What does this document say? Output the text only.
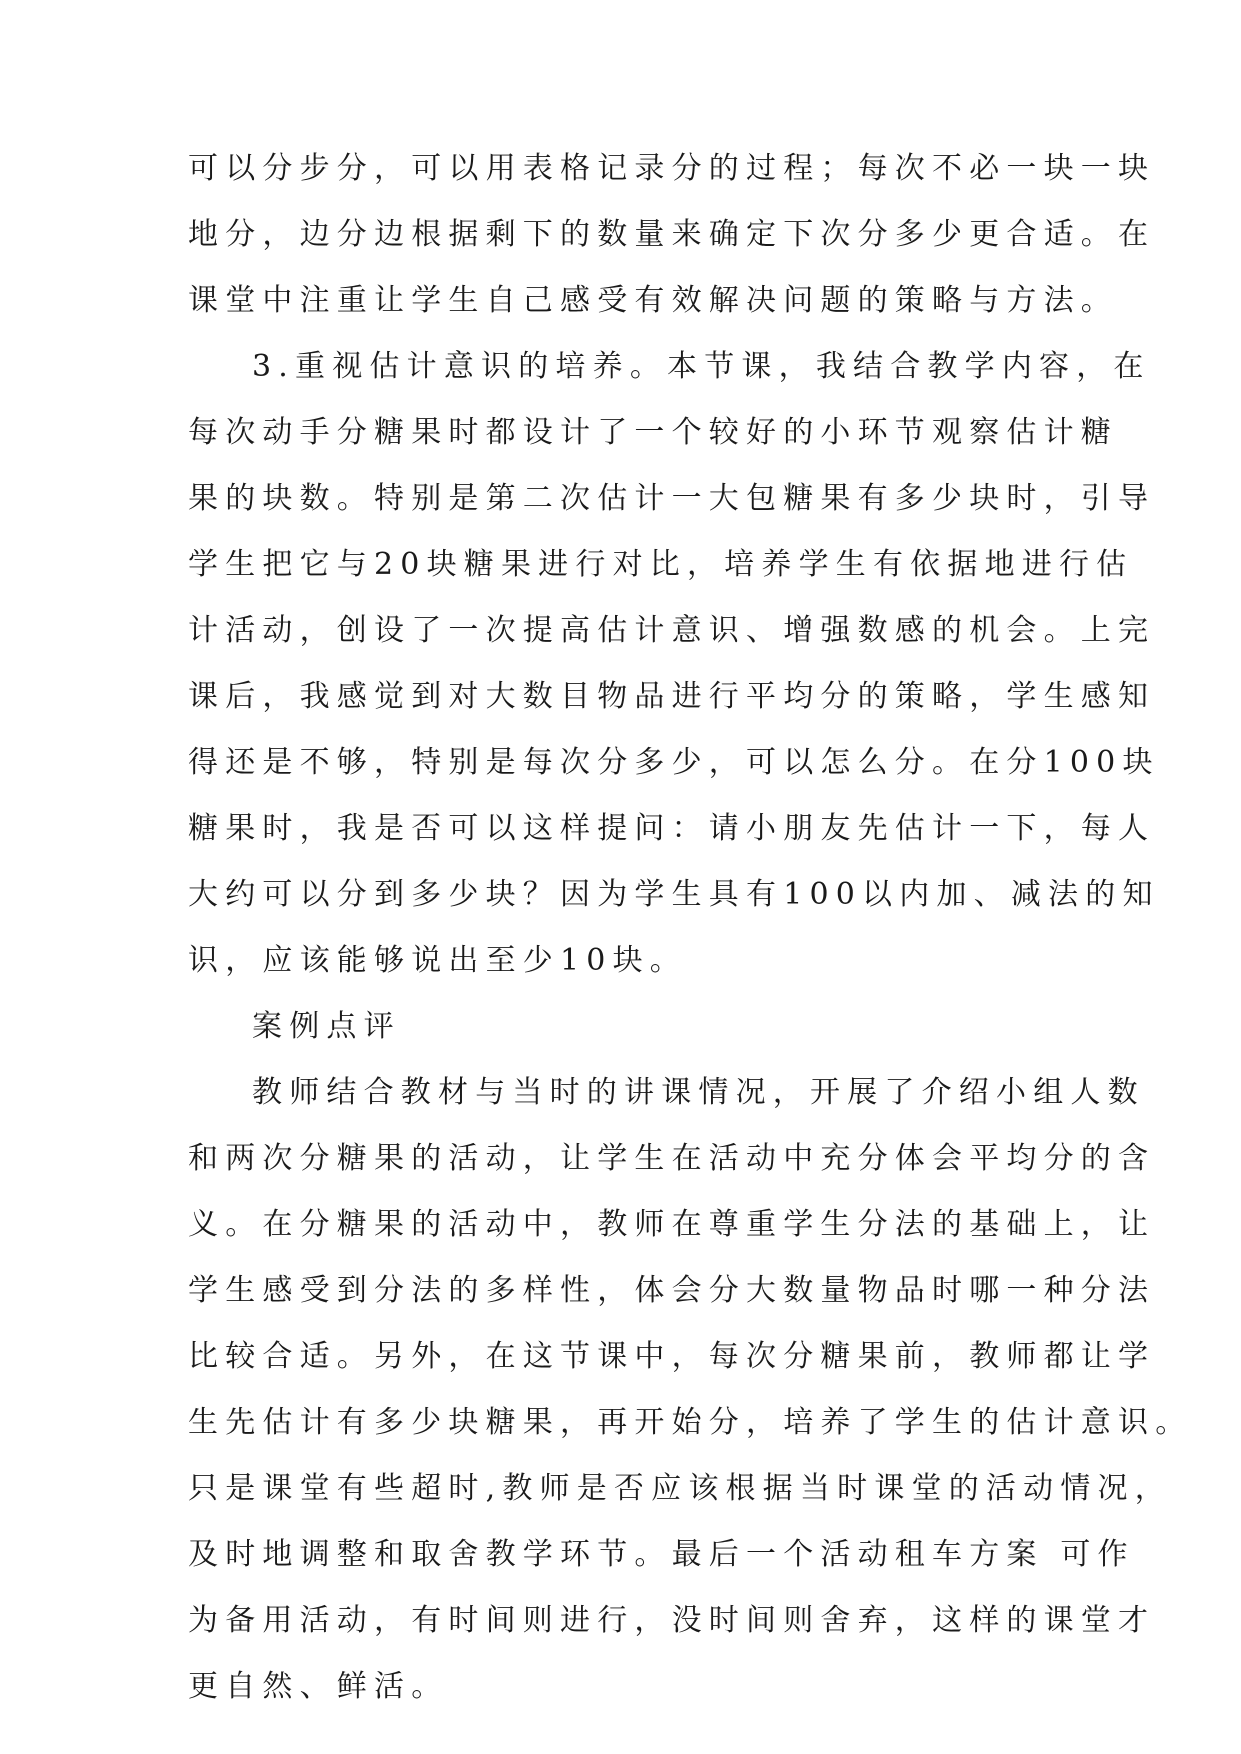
可以分步分，可以用表格记录分的过程；每次不必一块一块
地分，边分边根据剩下的数量来确定下次分多少更合适。在
课堂中注重让学生自己感受有效解决问题的策略与方法。
3.重视估计意识的培养。本节课，我结合教学内容，在
每次动手分糖果时都设计了一个较好的小环节观察估计糖
果的块数。特别是第二次估计一大包糖果有多少块时，引导
学生把它与20块糖果进行对比，培养学生有依据地进行估
计活动，创设了一次提高估计意识、增强数感的机会。上完
课后，我感觉到对大数目物品进行平均分的策略，学生感知
得还是不够，特别是每次分多少，可以怎么分。在分100块
糖果时，我是否可以这样提问：请小朋友先估计一下，每人
大约可以分到多少块？因为学生具有100以内加、减法的知
识，应该能够说出至少10块。
案例点评
教师结合教材与当时的讲课情况，开展了介绍小组人数
和两次分糖果的活动，让学生在活动中充分体会平均分的含
义。在分糖果的活动中，教师在尊重学生分法的基础上，让
学生感受到分法的多样性，体会分大数量物品时哪一种分法
比较合适。另外，在这节课中，每次分糖果前，教师都让学
生先估计有多少块糖果，再开始分，培养了学生的估计意识。
只是课堂有些超时,教师是否应该根据当时课堂的活动情况，
及时地调整和取舍教学环节。最后一个活动租车方案 可作
为备用活动，有时间则进行，没时间则舍弃，这样的课堂才
更自然、鲜活。
